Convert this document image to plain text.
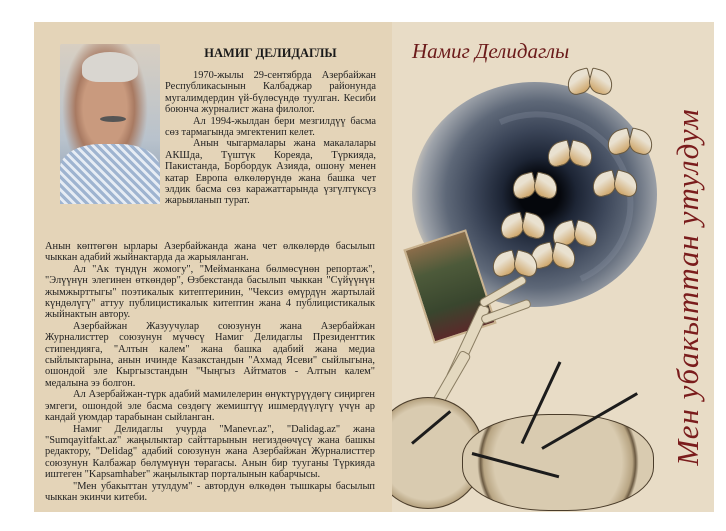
НАМИГ ДЕЛИДАГЛЫ

1970-жылы 29-сентябрда Азербайжан Республикасынын Калбаджар районунда мугалимдердин үй-бүлөсүндө туулган. Кесиби боюнча журналист жана филолог.

Ал 1994-жылдан бери мезгилдүү басма сөз тармагында эмгектенип келет.

Анын чыгармалары жана макалалары АКШда, Түштүк Кореяда, Түркияда, Пакистанда, Борбордук Азияда, ошону менен катар Европа өлкөлөрүндө жана башка чет элдик басма сөз каражаттарында үзгүлтүксүз жарыяланып турат.

Анын көптөгөн ырлары Азербайжанда жана чет өлкөлөрдө басылып чыккан адабий жыйнактарда да жарыяланган.

Ал "Ак түндүн жомогу", "Мейманкана бөлмөсүнөн репортаж", "Элүүнүн элегинен өткөндөр", Өзбекстанда басылып чыккан "Сүйүүнүн жымжырттыгы" поэтикалык китептеринин, "Чексиз өмүрдүн жартылай күндөлүгү" аттуу публицистикалык китептин жана 4 публицистикалык жыйнактын автору.

Азербайжан Жазуучулар союзунун жана Азербайжан Журналисттер союзунун мүчөсү Намиг Делидаглы Президенттик стипендияга, "Алтын калем" жана башка адабий жана медиа сыйлыктарына, анын ичинде Казакстандын "Ахмад Ясеви" сыйлыгына, ошондой эле Кыргызстандын "Чыңгыз Айтматов - Алтын калем" медалына ээ болгон.

Ал Азербайжан-түрк адабий мамилелерин өнүктүрүүдөгү сиңирген эмгеги, ошондой эле басма сөздөгү жемиштүү ишмердүүлүгү үчүн ар кандай уюмдар тарабынан сыйланган.

Намиг Делидаглы учурда "Manevr.az", "Dalidag.az" жана "Sumqayitfakt.az" жаңылыктар сайттарынын негиздөөчүсү жана башкы редактору, "Delidag" адабий союзунун жана Азербайжан Журналисттер союзунун Калбажар бөлүмүнүн төрагасы. Анын бир тууганы Түркияда иштеген "Kapsamhaber" жаңылыктар порталынын кабарчысы.

"Мен убакыттан утулдум" - автордун өлкөдөн тышкары басылып чыккан экинчи китеби.

Намиг Делидаглы
Мен убакыттан утулдум
